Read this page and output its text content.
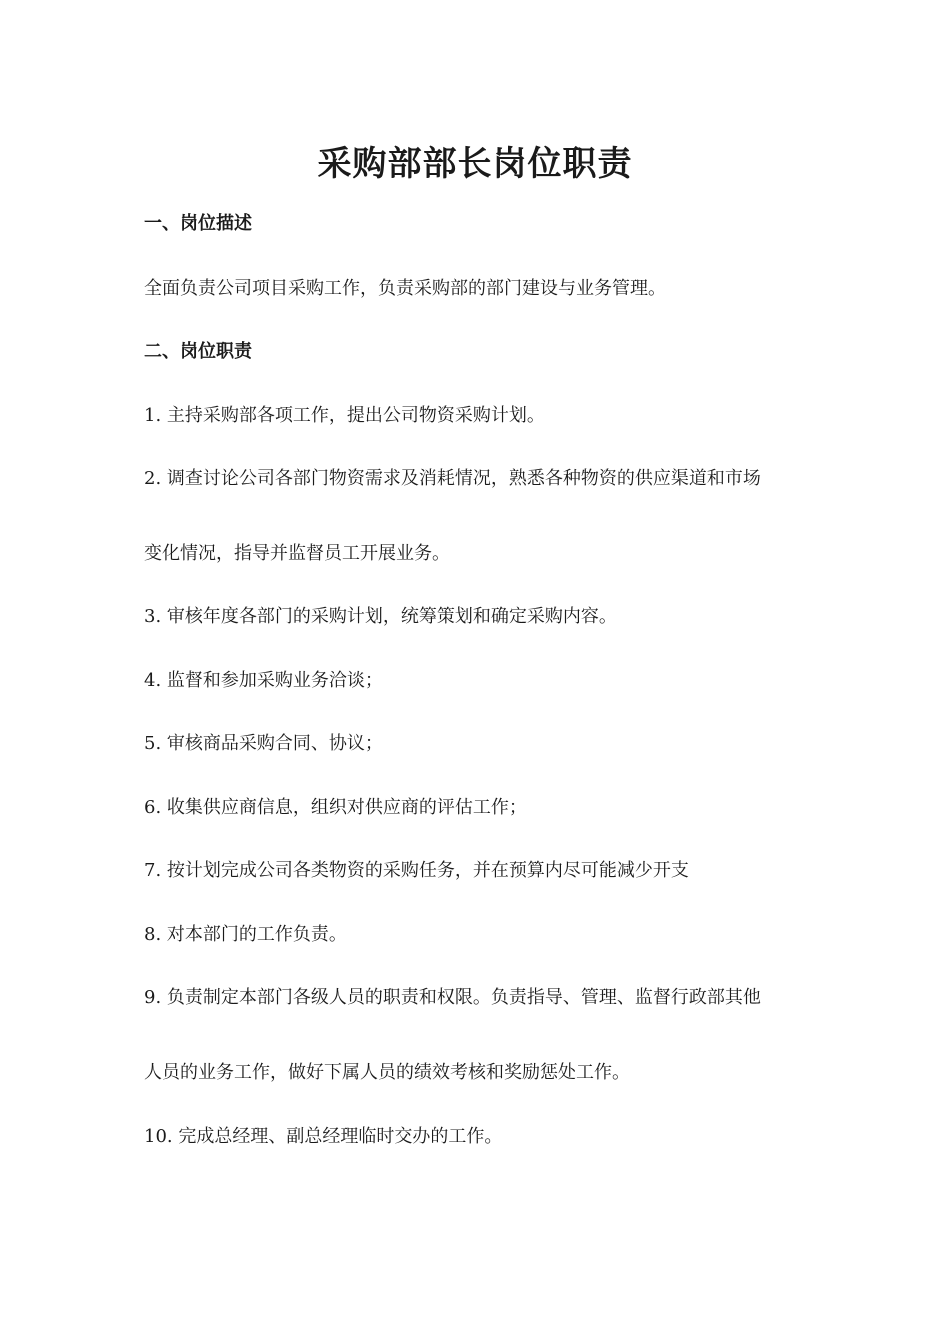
采购部部长岗位职责
一、岗位描述
全面负责公司项目采购工作，负责采购部的部门建设与业务管理。
二、岗位职责
1. 主持采购部各项工作，提出公司物资采购计划。
2. 调查讨论公司各部门物资需求及消耗情况，熟悉各种物资的供应渠道和市场
变化情况，指导并监督员工开展业务。
3. 审核年度各部门的采购计划，统筹策划和确定采购内容。
4. 监督和参加采购业务洽谈；
5. 审核商品采购合同、协议；
6. 收集供应商信息，组织对供应商的评估工作；
7. 按计划完成公司各类物资的采购任务，并在预算内尽可能减少开支
8. 对本部门的工作负责。
9. 负责制定本部门各级人员的职责和权限。负责指导、管理、监督行政部其他
人员的业务工作，做好下属人员的绩效考核和奖励惩处工作。
10. 完成总经理、副总经理临时交办的工作。
